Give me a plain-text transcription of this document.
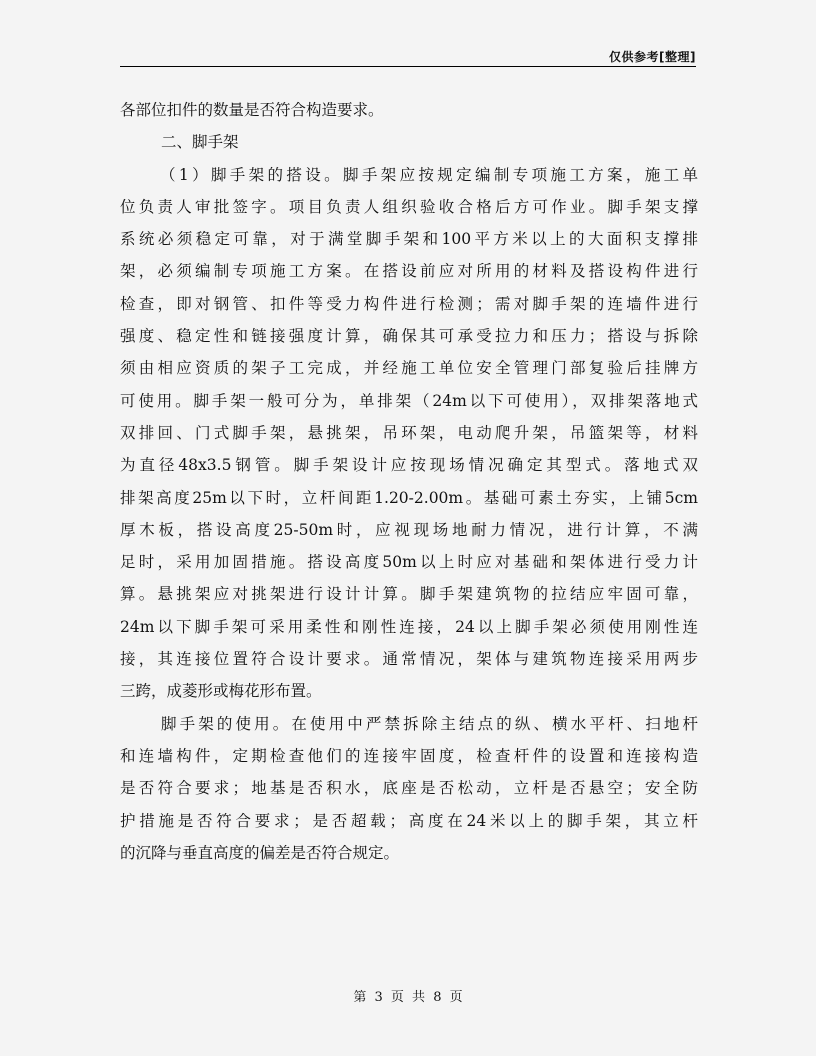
仅供参考[整理]
各部位扣件的数量是否符合构造要求。
二、脚手架
（1）脚手架的搭设。脚手架应按规定编制专项施工方案，施工单
位负责人审批签字。项目负责人组织验收合格后方可作业。脚手架支撑
系统必须稳定可靠，对于满堂脚手架和100平方米以上的大面积支撑排
架，必须编制专项施工方案。在搭设前应对所用的材料及搭设构件进行
检查，即对钢管、扣件等受力构件进行检测；需对脚手架的连墙件进行
强度、稳定性和链接强度计算，确保其可承受拉力和压力；搭设与拆除
须由相应资质的架子工完成，并经施工单位安全管理门部复验后挂牌方
可使用。脚手架一般可分为，单排架（24m以下可使用），双排架落地式
双排回、门式脚手架，悬挑架，吊环架，电动爬升架，吊篮架等，材料
为直径48x3.5钢管。脚手架设计应按现场情况确定其型式。落地式双
排架高度25m以下时，立杆间距1.20-2.00m。基础可素土夯实，上铺5cm
厚木板，搭设高度25-50m时，应视现场地耐力情况，进行计算，不满
足时，采用加固措施。搭设高度50m以上时应对基础和架体进行受力计
算。悬挑架应对挑架进行设计计算。脚手架建筑物的拉结应牢固可靠，
24m以下脚手架可采用柔性和刚性连接，24以上脚手架必须使用刚性连
接，其连接位置符合设计要求。通常情况，架体与建筑物连接采用两步
三跨，成菱形或梅花形布置。
脚手架的使用。在使用中严禁拆除主结点的纵、横水平杆、扫地杆
和连墙构件，定期检查他们的连接牢固度，检查杆件的设置和连接构造
是否符合要求；地基是否积水，底座是否松动，立杆是否悬空；安全防
护措施是否符合要求；是否超载；高度在24米以上的脚手架，其立杆
的沉降与垂直高度的偏差是否符合规定。
第 3 页 共 8 页
